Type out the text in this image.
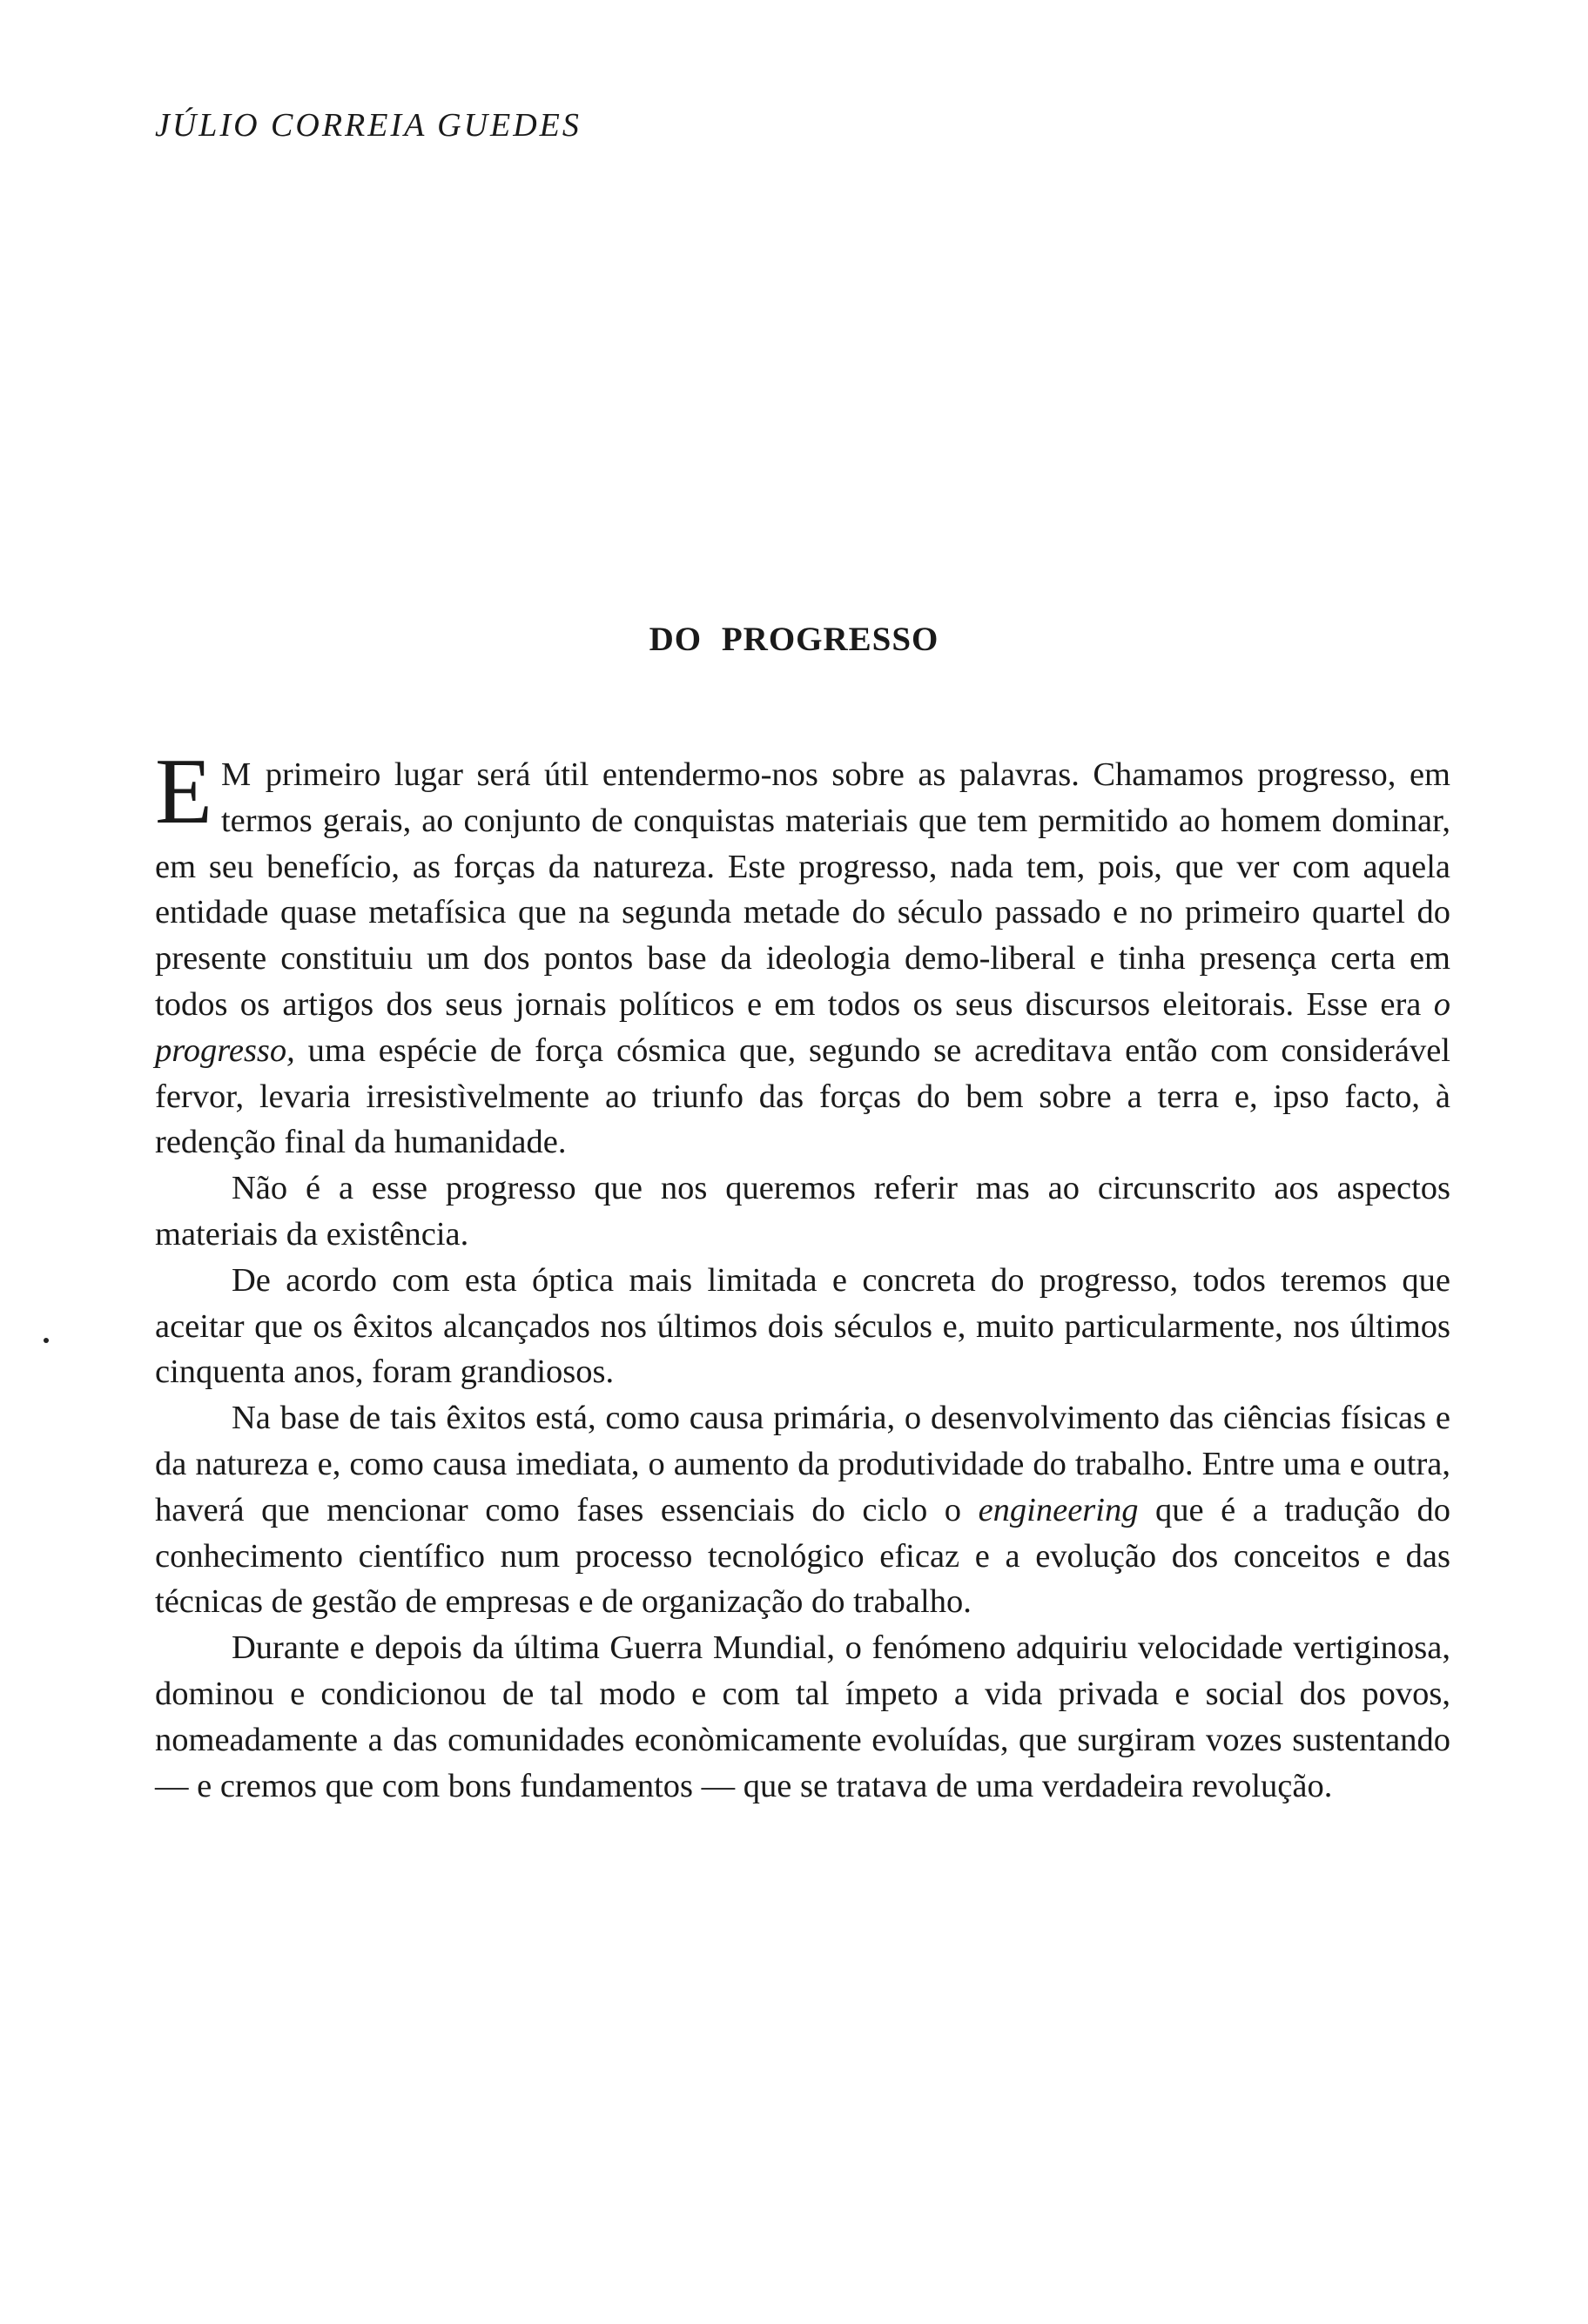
JÚLIO CORREIA GUEDES
DO PROGRESSO

E M primeiro lugar será útil entendermo-nos sobre as palavras. Chamamos progresso, em termos gerais, ao conjunto de conquistas materiais que tem permitido ao homem dominar, em seu benefício, as forças da natureza. Este progresso, nada tem, pois, que ver com aquela entidade quase metafísica que na segunda metade do século passado e no primeiro quartel do presente constituiu um dos pontos base da ideologia demo-liberal e tinha presença certa em todos os artigos dos seus jornais políticos e em todos os seus discursos eleitorais. Esse era o progresso, uma espécie de força cósmica que, segundo se acreditava então com considerável fervor, levaria irresistìvelmente ao triunfo das forças do bem sobre a terra e, ipso facto, à redenção final da humanidade.

Não é a esse progresso que nos queremos referir mas ao circunscrito aos aspectos materiais da existência.

De acordo com esta óptica mais limitada e concreta do progresso, todos teremos que aceitar que os êxitos alcançados nos últimos dois séculos e, muito particularmente, nos últimos cinquenta anos, foram grandiosos.

Na base de tais êxitos está, como causa primária, o desenvolvimento das ciências físicas e da natureza e, como causa imediata, o aumento da produtividade do trabalho. Entre uma e outra, haverá que mencionar como fases essenciais do ciclo o engineering que é a tradução do conhecimento científico num processo tecnológico eficaz e a evolução dos conceitos e das técnicas de gestão de empresas e de organização do trabalho.

Durante e depois da última Guerra Mundial, o fenómeno adquiriu velocidade vertiginosa, dominou e condicionou de tal modo e com tal ímpeto a vida privada e social dos povos, nomeadamente a das comunidades econòmicamente evoluídas, que surgiram vozes sustentando — e cremos que com bons fundamentos — que se tratava de uma verdadeira revolução.
